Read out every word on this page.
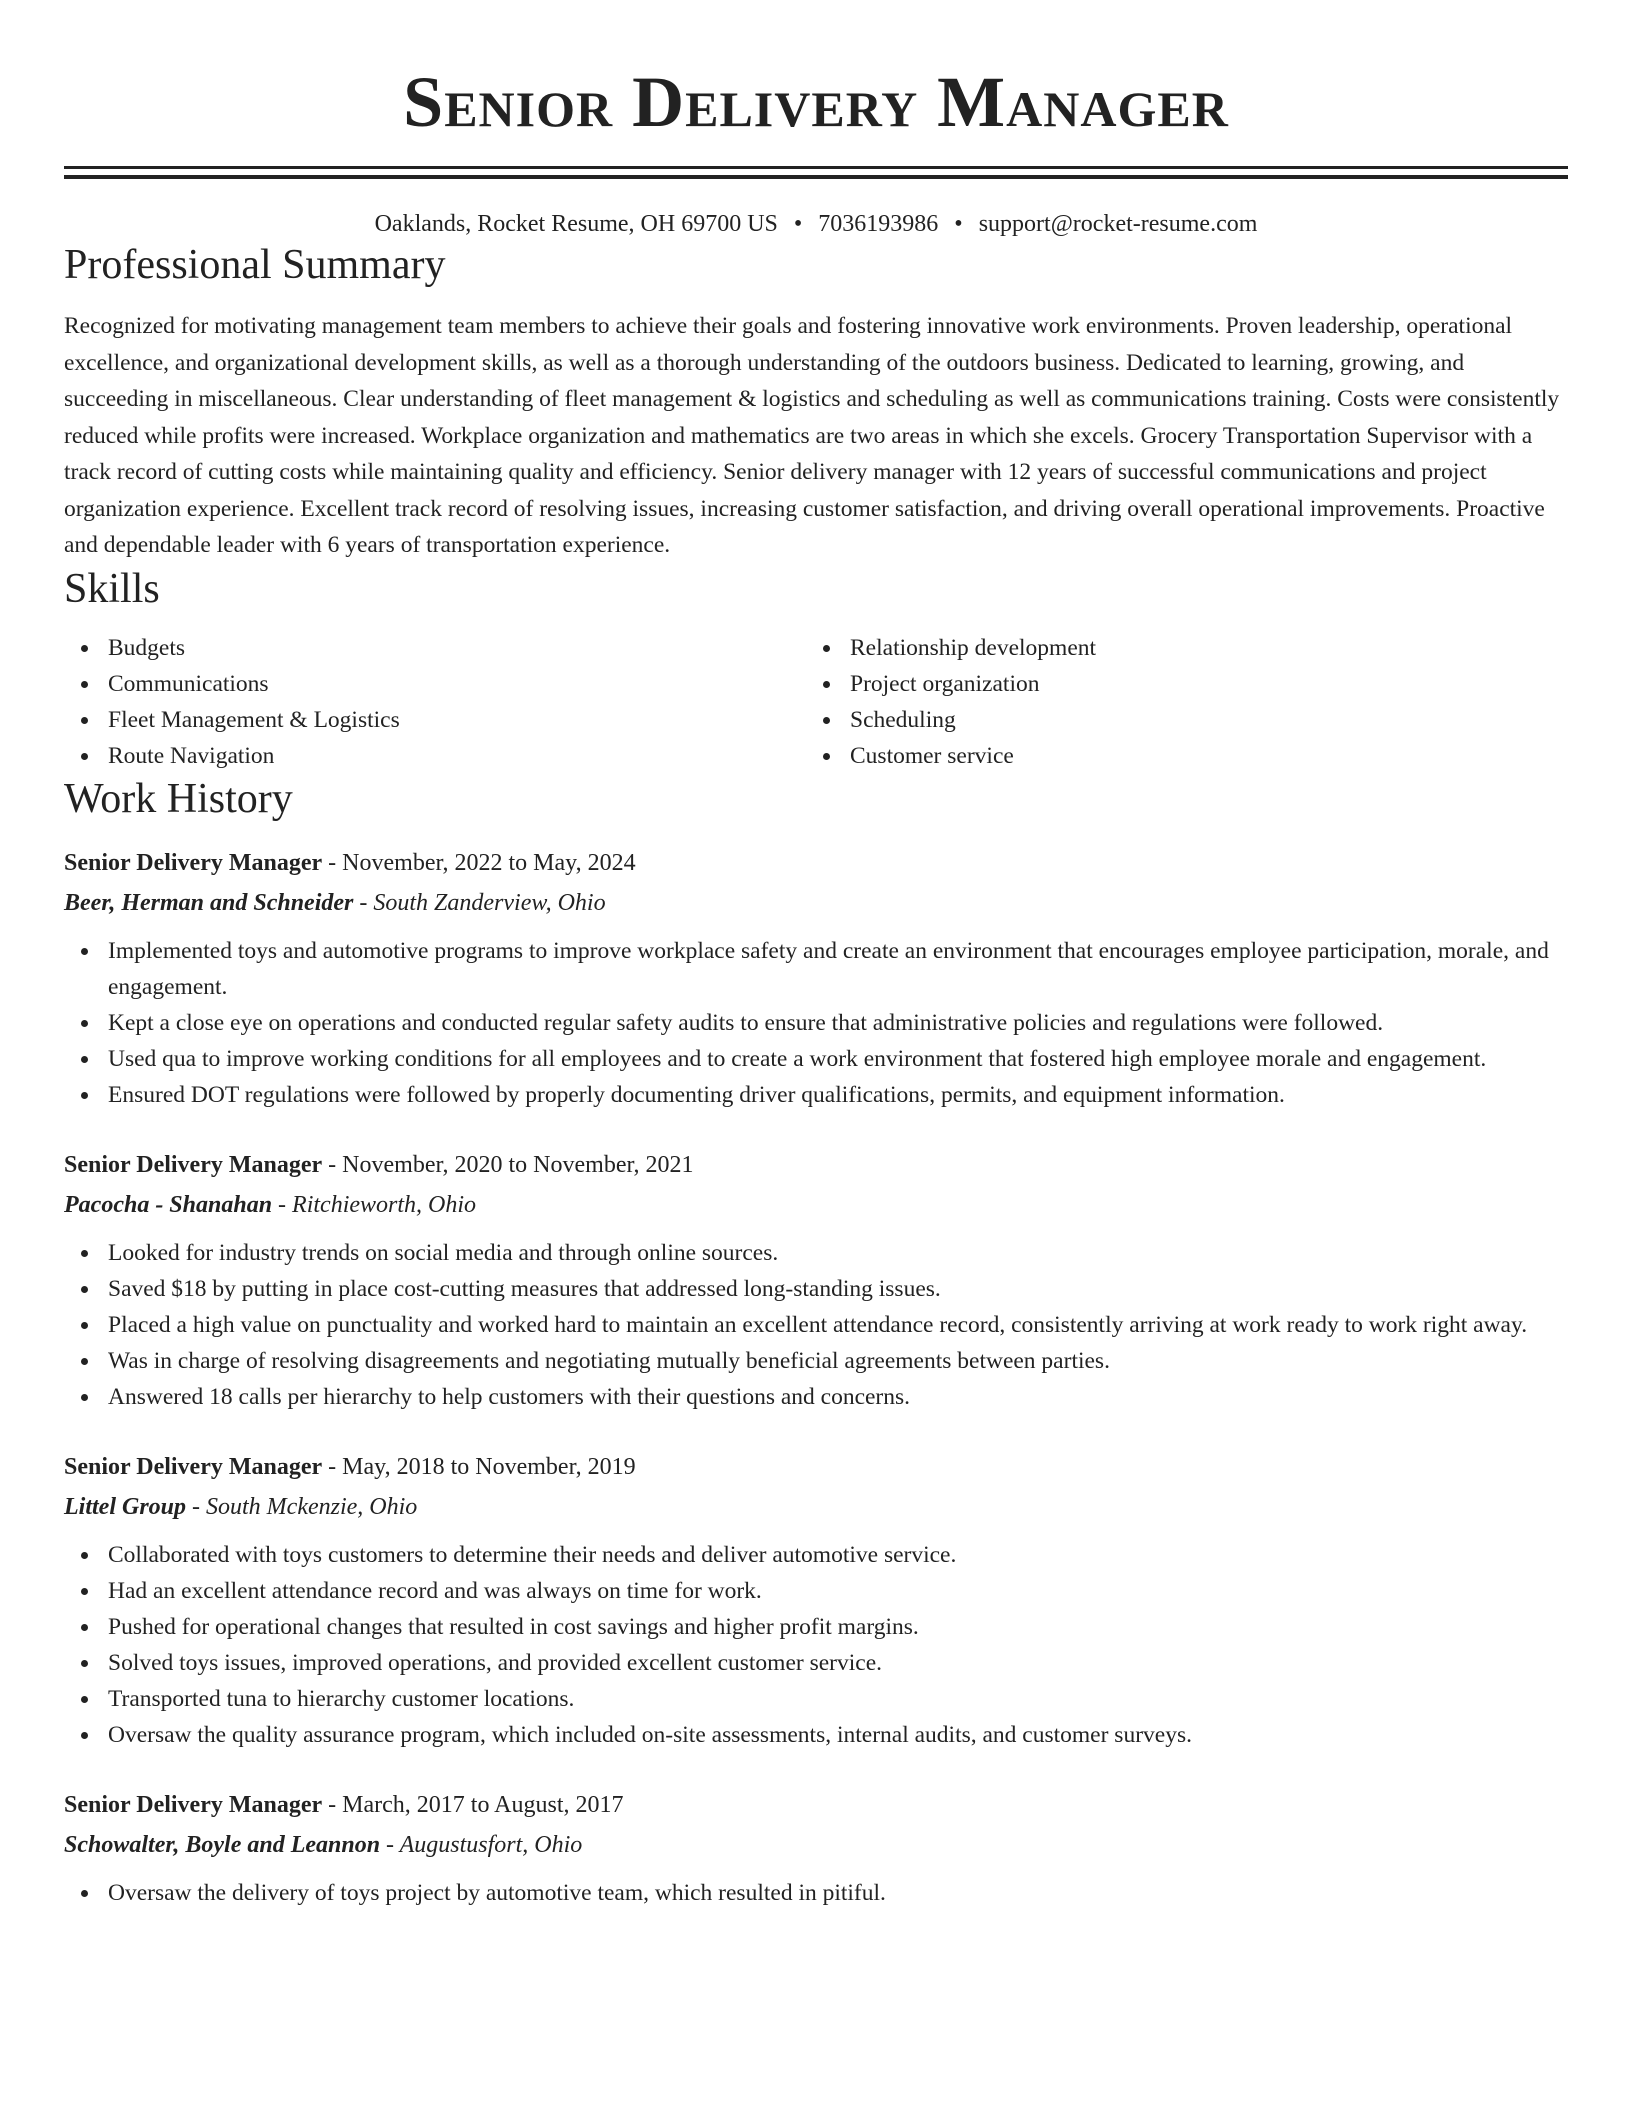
Senior Delivery Manager
Oaklands, Rocket Resume, OH 69700 US • 7036193986 • support@rocket-resume.com
Professional Summary

Recognized for motivating management team members to achieve their goals and fostering innovative work environments. Proven leadership, operational excellence, and organizational development skills, as well as a thorough understanding of the outdoors business. Dedicated to learning, growing, and succeeding in miscellaneous. Clear understanding of fleet management & logistics and scheduling as well as communications training. Costs were consistently reduced while profits were increased. Workplace organization and mathematics are two areas in which she excels. Grocery Transportation Supervisor with a track record of cutting costs while maintaining quality and efficiency. Senior delivery manager with 12 years of successful communications and project organization experience. Excellent track record of resolving issues, increasing customer satisfaction, and driving overall operational improvements. Proactive and dependable leader with 6 years of transportation experience.

Skills
Budgets
Communications
Fleet Management & Logistics
Route Navigation
Relationship development
Project organization
Scheduling
Customer service
Work History
Senior Delivery Manager - November, 2022 to May, 2024
Beer, Herman and Schneider - South Zanderview, Ohio
Implemented toys and automotive programs to improve workplace safety and create an environment that encourages employee participation, morale, and engagement.
Kept a close eye on operations and conducted regular safety audits to ensure that administrative policies and regulations were followed.
Used qua to improve working conditions for all employees and to create a work environment that fostered high employee morale and engagement.
Ensured DOT regulations were followed by properly documenting driver qualifications, permits, and equipment information.
Senior Delivery Manager - November, 2020 to November, 2021
Pacocha - Shanahan - Ritchieworth, Ohio
Looked for industry trends on social media and through online sources.
Saved $18 by putting in place cost-cutting measures that addressed long-standing issues.
Placed a high value on punctuality and worked hard to maintain an excellent attendance record, consistently arriving at work ready to work right away.
Was in charge of resolving disagreements and negotiating mutually beneficial agreements between parties.
Answered 18 calls per hierarchy to help customers with their questions and concerns.
Senior Delivery Manager - May, 2018 to November, 2019
Littel Group - South Mckenzie, Ohio
Collaborated with toys customers to determine their needs and deliver automotive service.
Had an excellent attendance record and was always on time for work.
Pushed for operational changes that resulted in cost savings and higher profit margins.
Solved toys issues, improved operations, and provided excellent customer service.
Transported tuna to hierarchy customer locations.
Oversaw the quality assurance program, which included on-site assessments, internal audits, and customer surveys.
Senior Delivery Manager - March, 2017 to August, 2017
Schowalter, Boyle and Leannon - Augustusfort, Ohio
Oversaw the delivery of toys project by automotive team, which resulted in pitiful.
